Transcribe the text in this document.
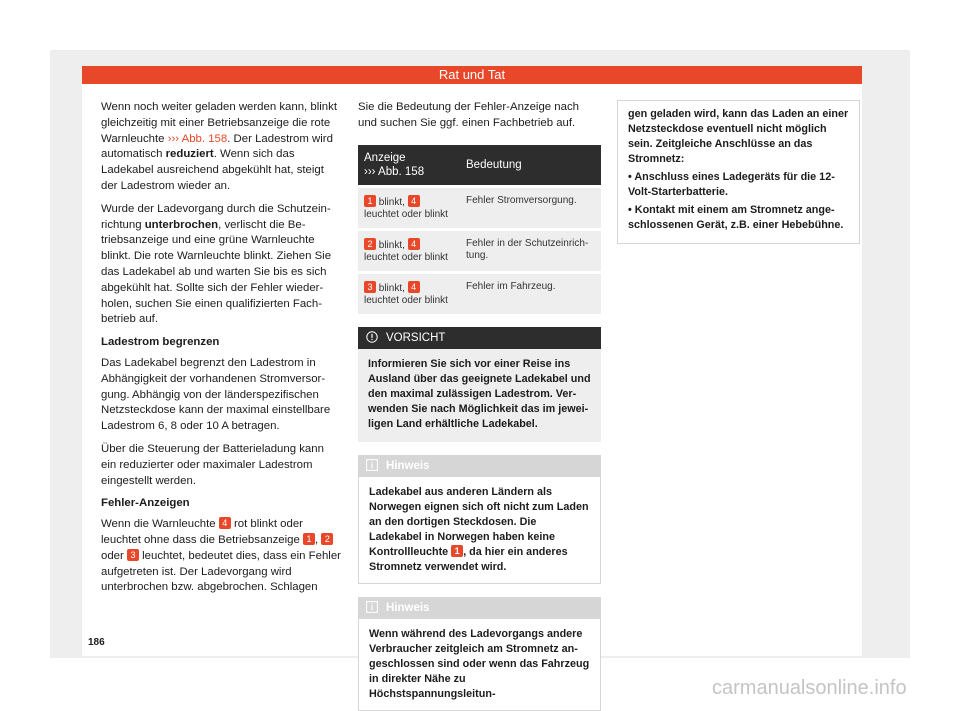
Rat und Tat

Wenn noch weiter geladen werden kann, blinkt gleichzeitig mit einer Betriebsanzeige die rote Warnleuchte ››› Abb. 158. Der Ladestrom wird automatisch reduziert. Wenn sich das Ladekabel ausreichend abgekühlt hat, steigt der Ladestrom wieder an.

Wurde der Ladevorgang durch die Schutzeinrichtung unterbrochen, verlischt die Betriebsanzeige und eine grüne Warnleuchte blinkt. Die rote Warnleuchte blinkt. Ziehen Sie das Ladekabel ab und warten Sie bis es sich abgekühlt hat. Sollte sich der Fehler wiederholen, suchen Sie einen qualifizierten Fachbetrieb auf.

Ladestrom begrenzen

Das Ladekabel begrenzt den Ladestrom in Abhängigkeit der vorhandenen Stromversorgung. Abhängig von der länderspezifischen Netzsteckdose kann der maximal einstellbare Ladestrom 6, 8 oder 10 A betragen.

Über die Steuerung der Batterieladung kann ein reduzierter oder maximaler Ladestrom eingestellt werden.

Fehler-Anzeigen

Wenn die Warnleuchte 4 rot blinkt oder leuchtet ohne dass die Betriebsanzeige 1 , 2 oder 3 leuchtet, bedeutet dies, dass ein Fehler aufgetreten ist. Der Ladevorgang wird unterbrochen bzw. abgebrochen. Schlagen

Sie die Bedeutung der Fehler-Anzeige nach und suchen Sie ggf. einen Fachbetrieb auf.

Anzeige
››› Abb. 158	Bedeutung
1 blinkt, 4 leuchtet oder blinkt	Fehler Stromversorgung.
2 blinkt, 4 leuchtet oder blinkt	Fehler in der Schutzeinrichtung.
3 blinkt, 4 leuchtet oder blinkt	Fehler im Fahrzeug.
VORSICHT
Informieren Sie sich vor einer Reise ins Ausland über das geeignete Ladekabel und den maximal zulässigen Ladestrom. Verwenden Sie nach Möglichkeit das im jeweiligen Land erhältliche Ladekabel.
Hinweis
Ladekabel aus anderen Ländern als Norwegen eignen sich oft nicht zum Laden an den dortigen Steckdosen. Die Ladekabel in Norwegen haben keine Kontrollleuchte 1 , da hier ein anderes Stromnetz verwendet wird.
Hinweis
Wenn während des Ladevorgangs andere Verbraucher zeitgleich am Stromnetz angeschlossen sind oder wenn das Fahrzeug in direkter Nähe zu Höchstspannungsleitun-
gen geladen wird, kann das Laden an einer Netzsteckdose eventuell nicht möglich sein. Zeitgleiche Anschlüsse an das Stromnetz:
• Anschluss eines Ladegeräts für die 12-Volt-Starterbatterie.
• Kontakt mit einem am Stromnetz angeschlossenen Gerät, z.B. einer Hebebühne.
186
carmanualsonline.info
